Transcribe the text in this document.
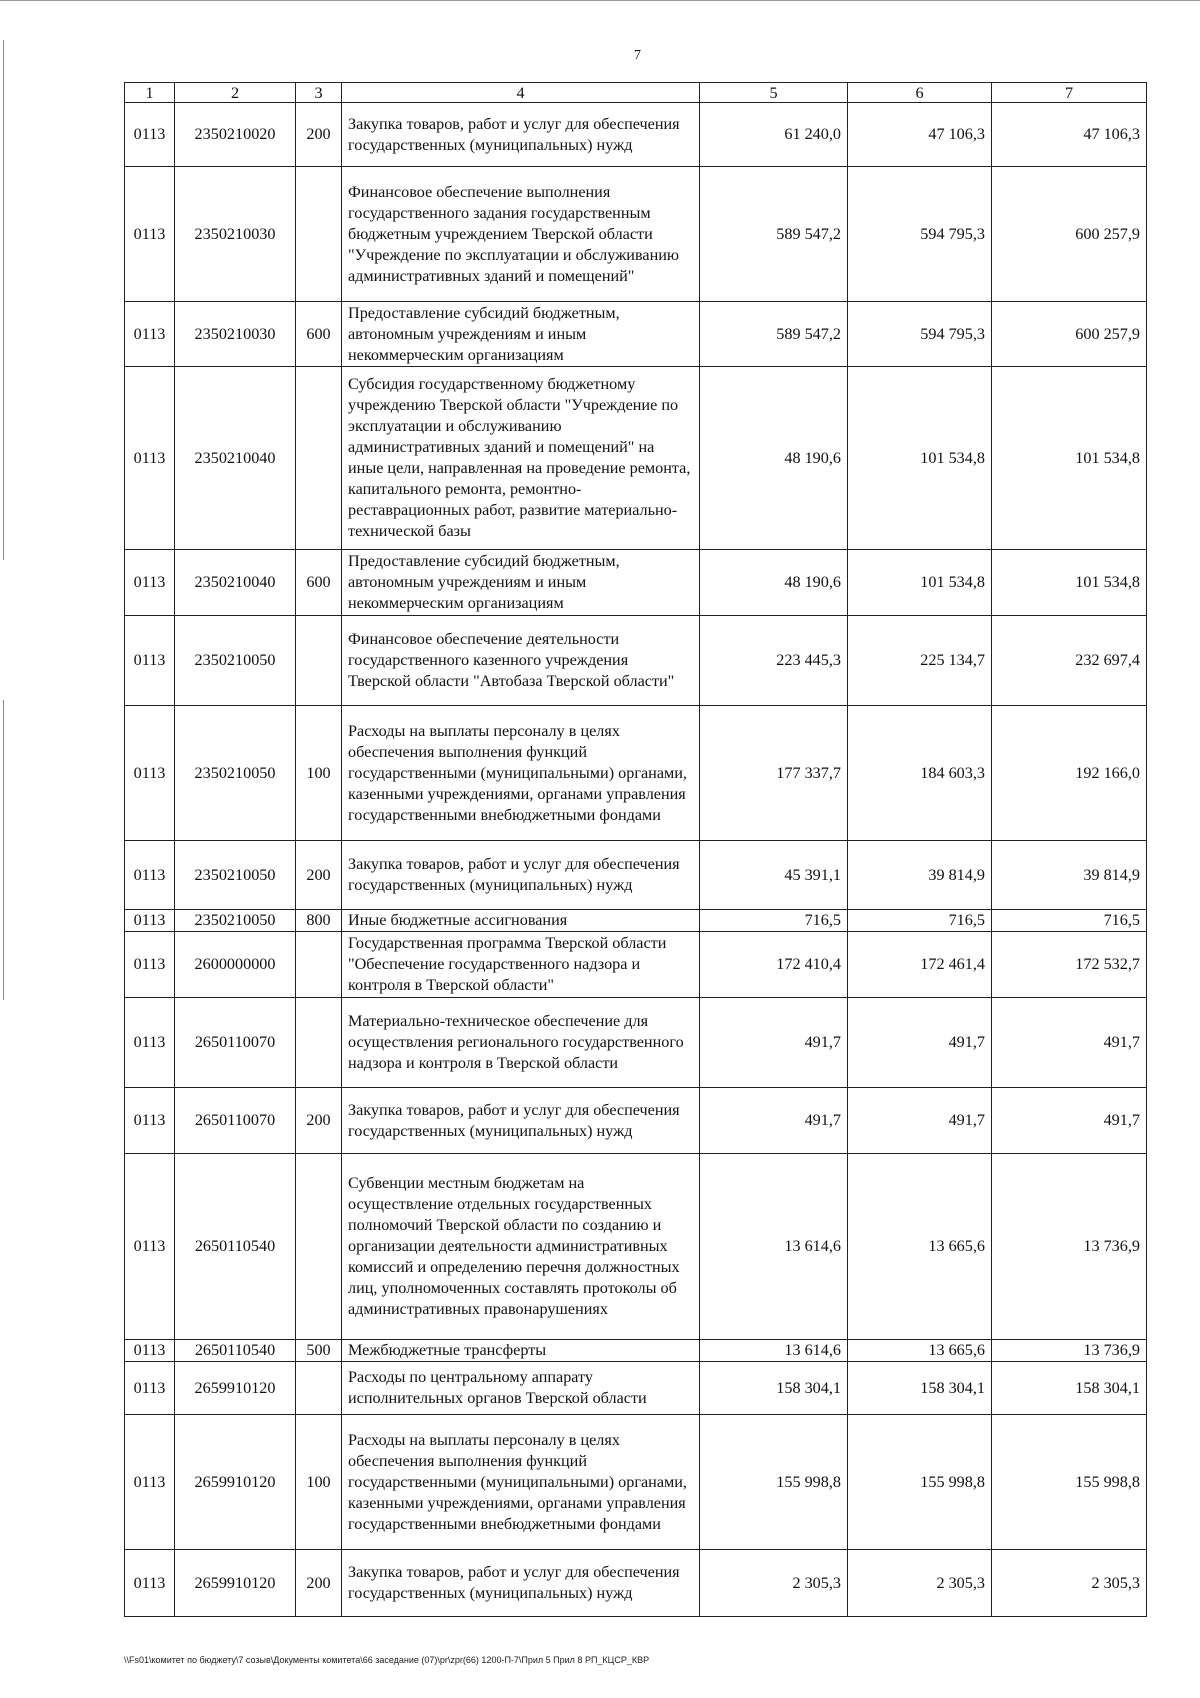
7
1	2	3	4	5	6	7
0113	2350210020	200	Закупка товаров, работ и услуг для обеспечения государственных (муниципальных) нужд	61 240,0	47 106,3	47 106,3
0113	2350210030		Финансовое обеспечение выполнения государственного задания государственным бюджетным учреждением Тверской области "Учреждение по эксплуатации и обслуживанию административных зданий и помещений"	589 547,2	594 795,3	600 257,9
0113	2350210030	600	Предоставление субсидий бюджетным, автономным учреждениям и иным некоммерческим организациям	589 547,2	594 795,3	600 257,9
0113	2350210040		Субсидия государственному бюджетному учреждению Тверской области "Учреждение по эксплуатации и обслуживанию административных зданий и помещений" на иные цели, направленная на проведение ремонта, капитального ремонта, ремонтно-реставрационных работ, развитие материально-технической базы	48 190,6	101 534,8	101 534,8
0113	2350210040	600	Предоставление субсидий бюджетным, автономным учреждениям и иным некоммерческим организациям	48 190,6	101 534,8	101 534,8
0113	2350210050		Финансовое обеспечение деятельности государственного казенного учреждения Тверской области "Автобаза Тверской области"	223 445,3	225 134,7	232 697,4
0113	2350210050	100	Расходы на выплаты персоналу в целях обеспечения выполнения функций государственными (муниципальными) органами, казенными учреждениями, органами управления государственными внебюджетными фондами	177 337,7	184 603,3	192 166,0
0113	2350210050	200	Закупка товаров, работ и услуг для обеспечения государственных (муниципальных) нужд	45 391,1	39 814,9	39 814,9
0113	2350210050	800	Иные бюджетные ассигнования	716,5	716,5	716,5
0113	2600000000		Государственная программа Тверской области "Обеспечение государственного надзора и контроля в Тверской области"	172 410,4	172 461,4	172 532,7
0113	2650110070		Материально-техническое обеспечение для осуществления регионального государственного надзора и контроля в Тверской области	491,7	491,7	491,7
0113	2650110070	200	Закупка товаров, работ и услуг для обеспечения государственных (муниципальных) нужд	491,7	491,7	491,7
0113	2650110540		Субвенции местным бюджетам на осуществление отдельных государственных полномочий Тверской области по созданию и организации деятельности административных комиссий и определению перечня должностных лиц, уполномоченных составлять протоколы об административных правонарушениях	13 614,6	13 665,6	13 736,9
0113	2650110540	500	Межбюджетные трансферты	13 614,6	13 665,6	13 736,9
0113	2659910120		Расходы по центральному аппарату исполнительных органов Тверской области	158 304,1	158 304,1	158 304,1
0113	2659910120	100	Расходы на выплаты персоналу в целях обеспечения выполнения функций государственными (муниципальными) органами, казенными учреждениями, органами управления государственными внебюджетными фондами	155 998,8	155 998,8	155 998,8
0113	2659910120	200	Закупка товаров, работ и услуг для обеспечения государственных (муниципальных) нужд	2 305,3	2 305,3	2 305,3
\\Fs01\комитет по бюджету\7 созыв\Документы комитета\66 заседание (07)\pr\zpr(66) 1200-П-7\Прил 5 Прил 8 РП_КЦСР_КВР
